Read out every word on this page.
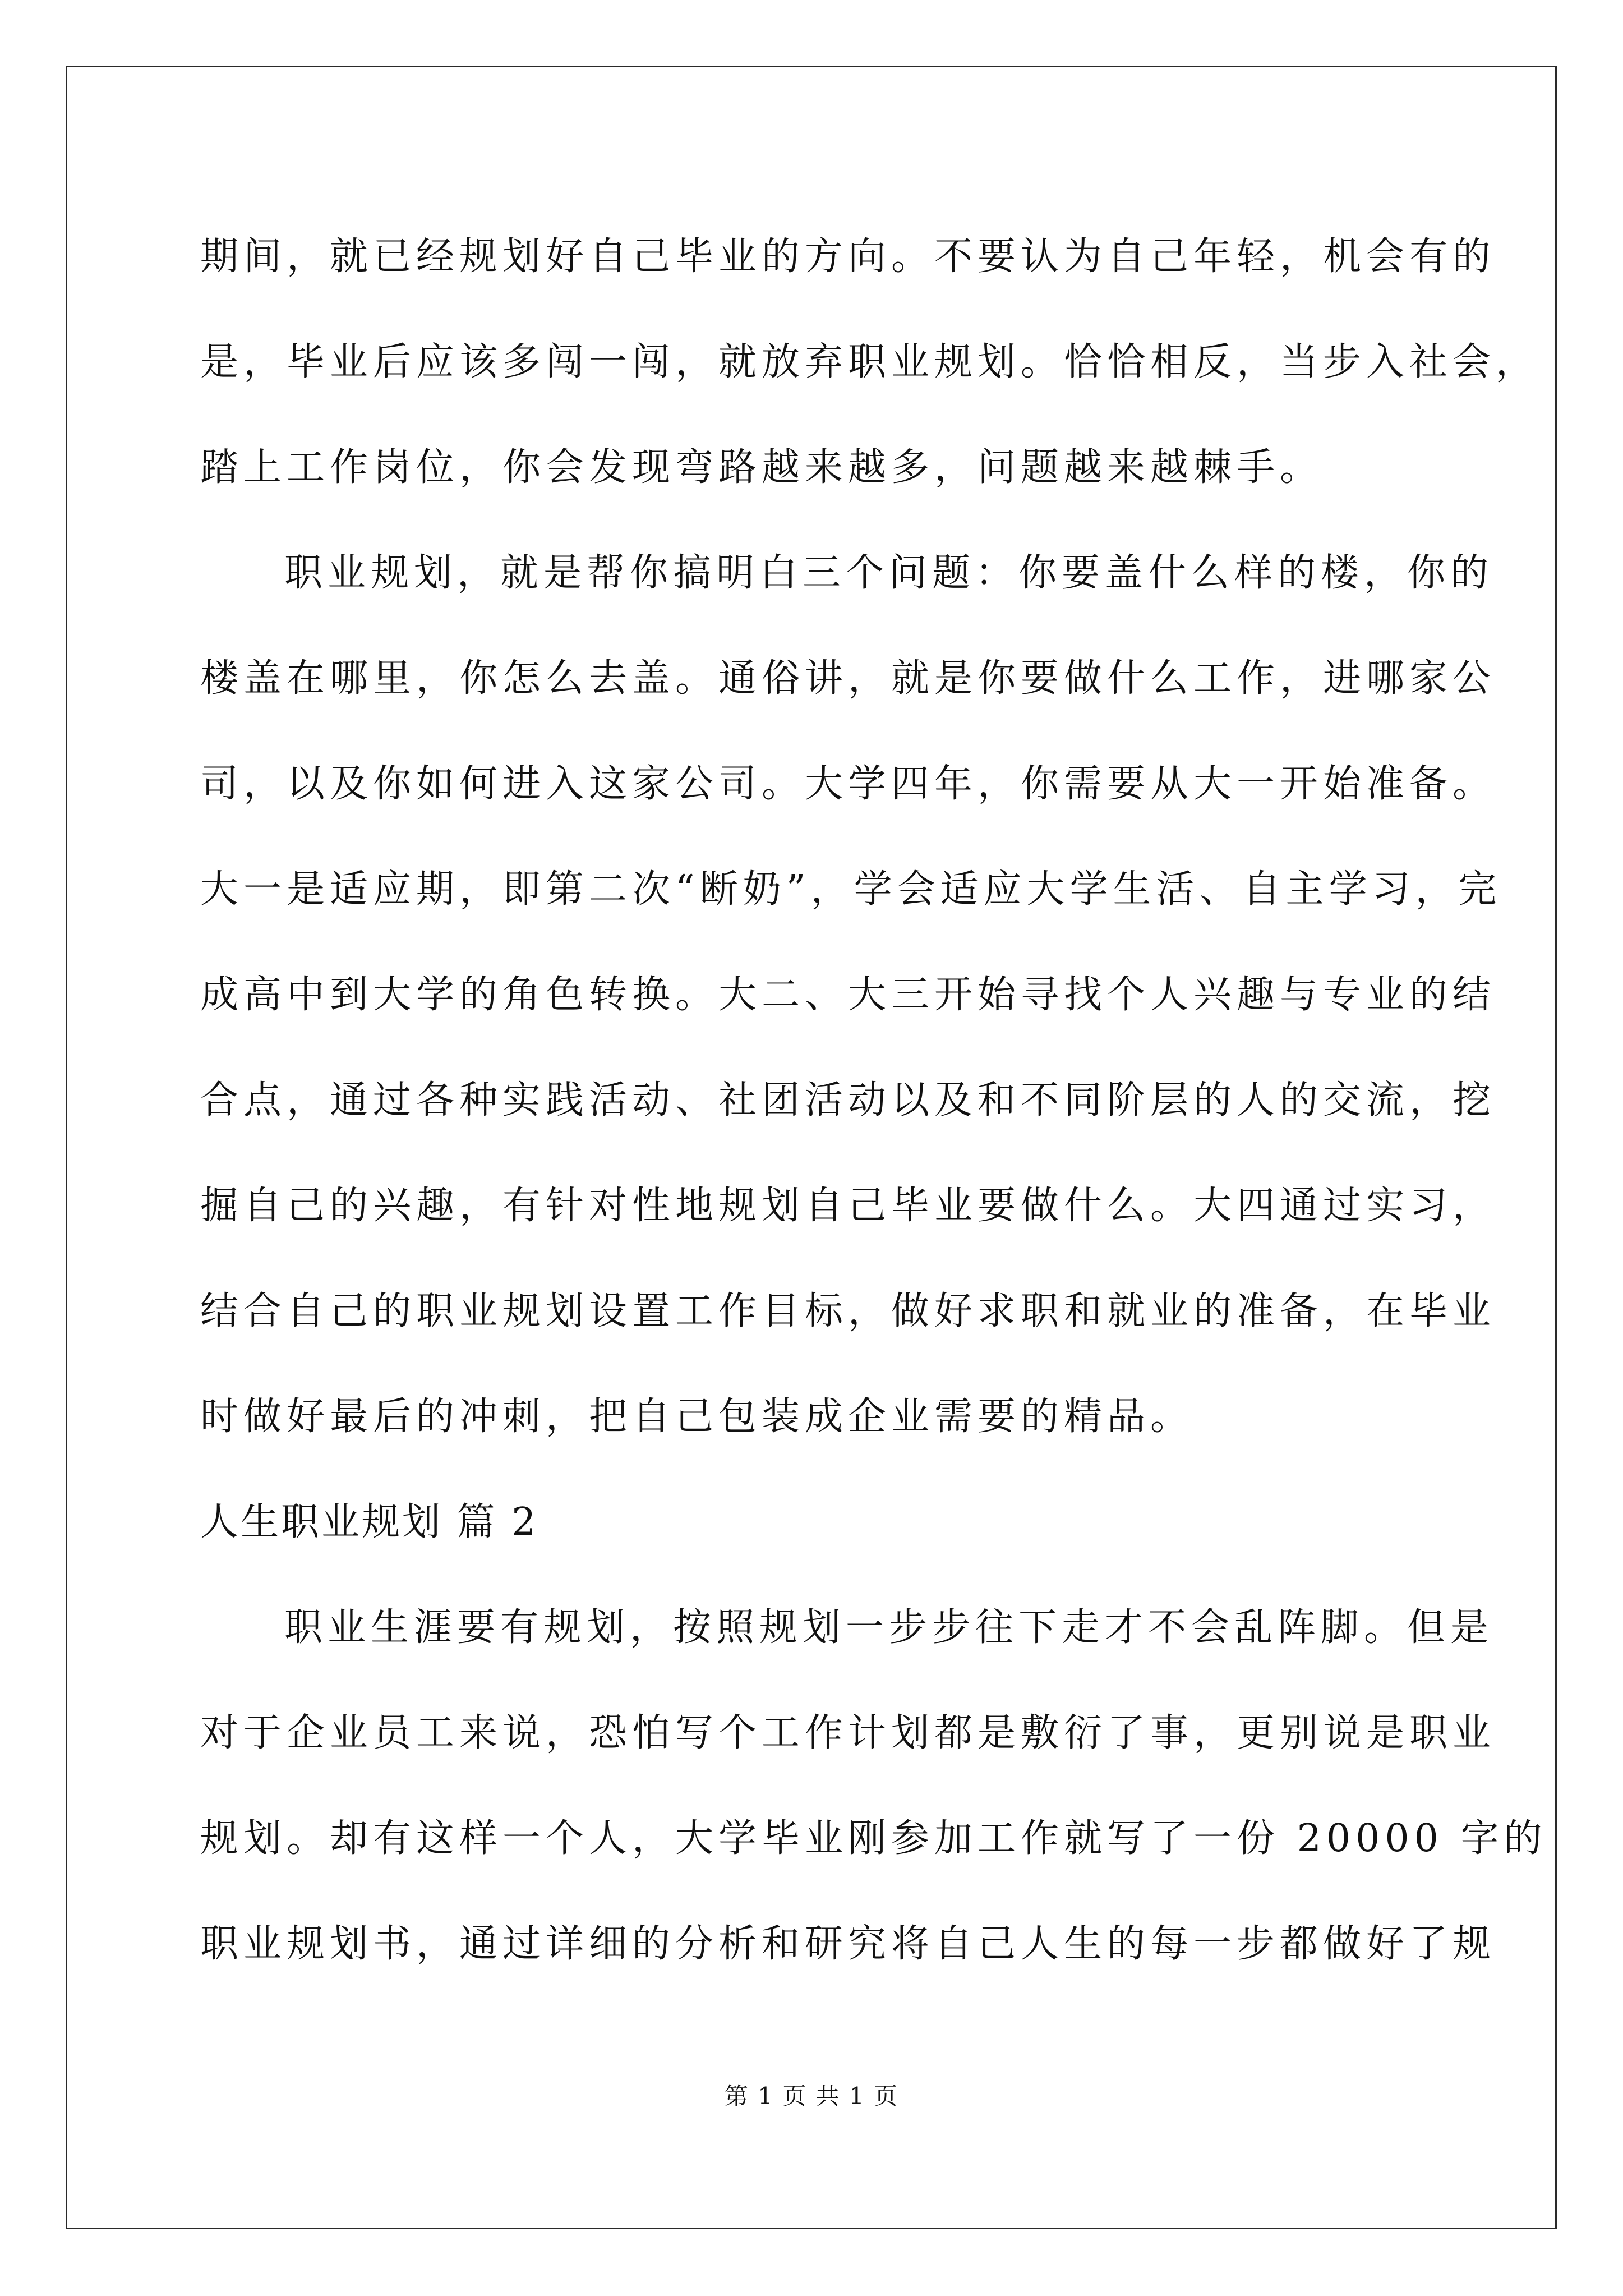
期间，就已经规划好自己毕业的方向。不要认为自己年轻，机会有的
是，毕业后应该多闯一闯，就放弃职业规划。恰恰相反，当步入社会，
踏上工作岗位，你会发现弯路越来越多，问题越来越棘手。
职业规划，就是帮你搞明白三个问题：你要盖什么样的楼，你的
楼盖在哪里，你怎么去盖。通俗讲，就是你要做什么工作，进哪家公
司，以及你如何进入这家公司。大学四年，你需要从大一开始准备。
大一是适应期，即第二次“断奶”，学会适应大学生活、自主学习，完
成高中到大学的角色转换。大二、大三开始寻找个人兴趣与专业的结
合点，通过各种实践活动、社团活动以及和不同阶层的人的交流，挖
掘自己的兴趣，有针对性地规划自己毕业要做什么。大四通过实习，
结合自己的职业规划设置工作目标，做好求职和就业的准备，在毕业
时做好最后的冲刺，把自己包装成企业需要的精品。
人生职业规划 篇 2
职业生涯要有规划，按照规划一步步往下走才不会乱阵脚。但是
对于企业员工来说，恐怕写个工作计划都是敷衍了事，更别说是职业
规划。却有这样一个人，大学毕业刚参加工作就写了一份 20000 字的
职业规划书，通过详细的分析和研究将自己人生的每一步都做好了规
第 1 页 共 1 页
